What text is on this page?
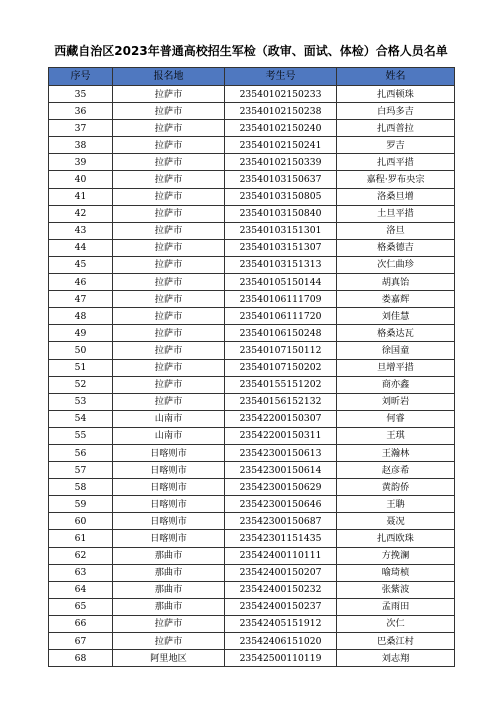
西藏自治区2023年普通高校招生军检（政审、面试、体检）合格人员名单
序号	报名地	考生号	姓名
35	拉萨市	23540102150233	扎西顿珠
36	拉萨市	23540102150238	白玛多吉
37	拉萨市	23540102150240	扎西普拉
38	拉萨市	23540102150241	罗吉
39	拉萨市	23540102150339	扎西平措
40	拉萨市	23540103150637	嘉程·罗布央宗
41	拉萨市	23540103150805	洛桑旦增
42	拉萨市	23540103150840	土旦平措
43	拉萨市	23540103151301	洛旦
44	拉萨市	23540103151307	格桑德吉
45	拉萨市	23540103151313	次仁曲珍
46	拉萨市	23540105150144	胡真饴
47	拉萨市	23540106111709	娄嘉辉
48	拉萨市	23540106111720	刘佳慧
49	拉萨市	23540106150248	格桑达瓦
50	拉萨市	23540107150112	徐国童
51	拉萨市	23540107150202	旦增平措
52	拉萨市	23540155151202	商亦鑫
53	拉萨市	23540156152132	刘昕岩
54	山南市	23542200150307	何睿
55	山南市	23542200150311	王琪
56	日喀则市	23542300150613	王瀚林
57	日喀则市	23542300150614	赵彦希
58	日喀则市	23542300150629	黄韵侨
59	日喀则市	23542300150646	王聃
60	日喀则市	23542300150687	聂况
61	日喀则市	23542301151435	扎西欧珠
62	那曲市	23542400110111	方挽澜
63	那曲市	23542400150207	喻琦桢
64	那曲市	23542400150232	张紫波
65	那曲市	23542400150237	孟雨田
66	拉萨市	23542405151912	次仁
67	拉萨市	23542406151020	巴桑江村
68	阿里地区	23542500110119	刘志翔
